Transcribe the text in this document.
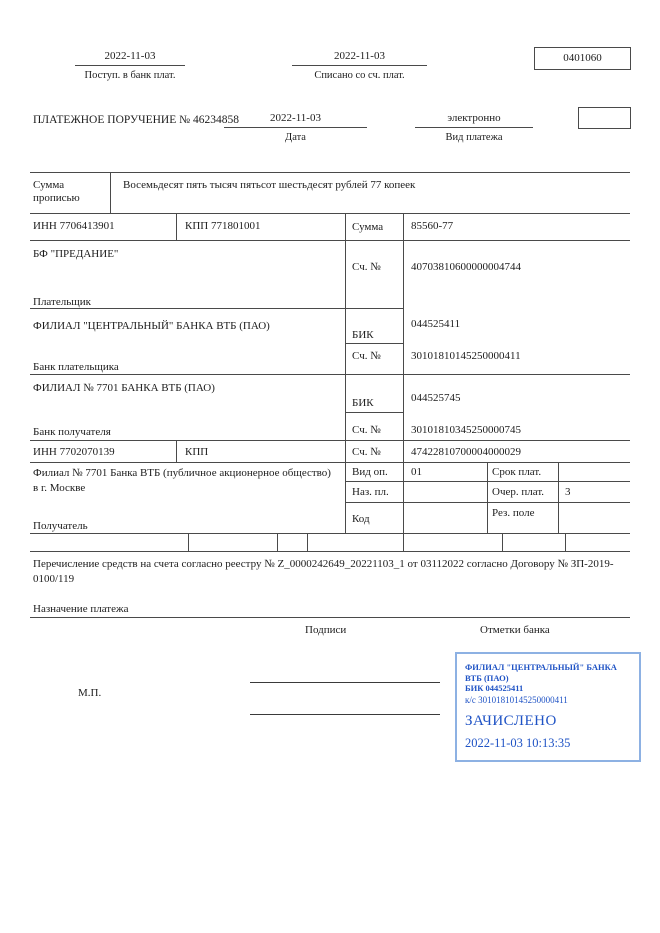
2022-11-03
Поступ. в банк плат.
2022-11-03
Списано со сч. плат.
0401060
ПЛАТЕЖНОЕ ПОРУЧЕНИЕ № 46234858	2022-11-03
Дата
электронно
Вид платежа
Сумма прописью
Восемьдесят пять тысяч пятьсот шестьдесят рублей 77 копеек
ИНН 7706413901	КПП 771801001	Сумма	85560-77
БФ "ПРЕДАНИЕ"
Сч. №	40703810600000004744
Плательщик
ФИЛИАЛ "ЦЕНТРАЛЬНЫЙ" БАНКА ВТБ (ПАО)
БИК
044525411
Сч. №	30101810145250000411
Банк плательщика
ФИЛИАЛ № 7701 БАНКА ВТБ (ПАО)
БИК	044525745
Сч. №	30101810345250000745
Банк получателя
ИНН 7702070139	КПП	Сч. №	47422810700004000029
Филиал № 7701 Банка ВТБ (публичное акционерное общество) в г. Москве
Получатель
Вид оп. 01	Срок плат.
Наз. пл.	Очер. плат. 3
Код	Рез. поле
Перечисление средств на счета согласно реестру № Z_0000242649_20221103_1 от 03112022 согласно Договору № ЗП-2019-0100/119
Назначение платежа
Подписи	Отметки банка
М.П.
ФИЛИАЛ "ЦЕНТРАЛЬНЫЙ" БАНКА
ВТБ (ПАО)
БИК 044525411
к/с 30101810145250000411
ЗАЧИСЛЕНО
2022-11-03 10:13:35
